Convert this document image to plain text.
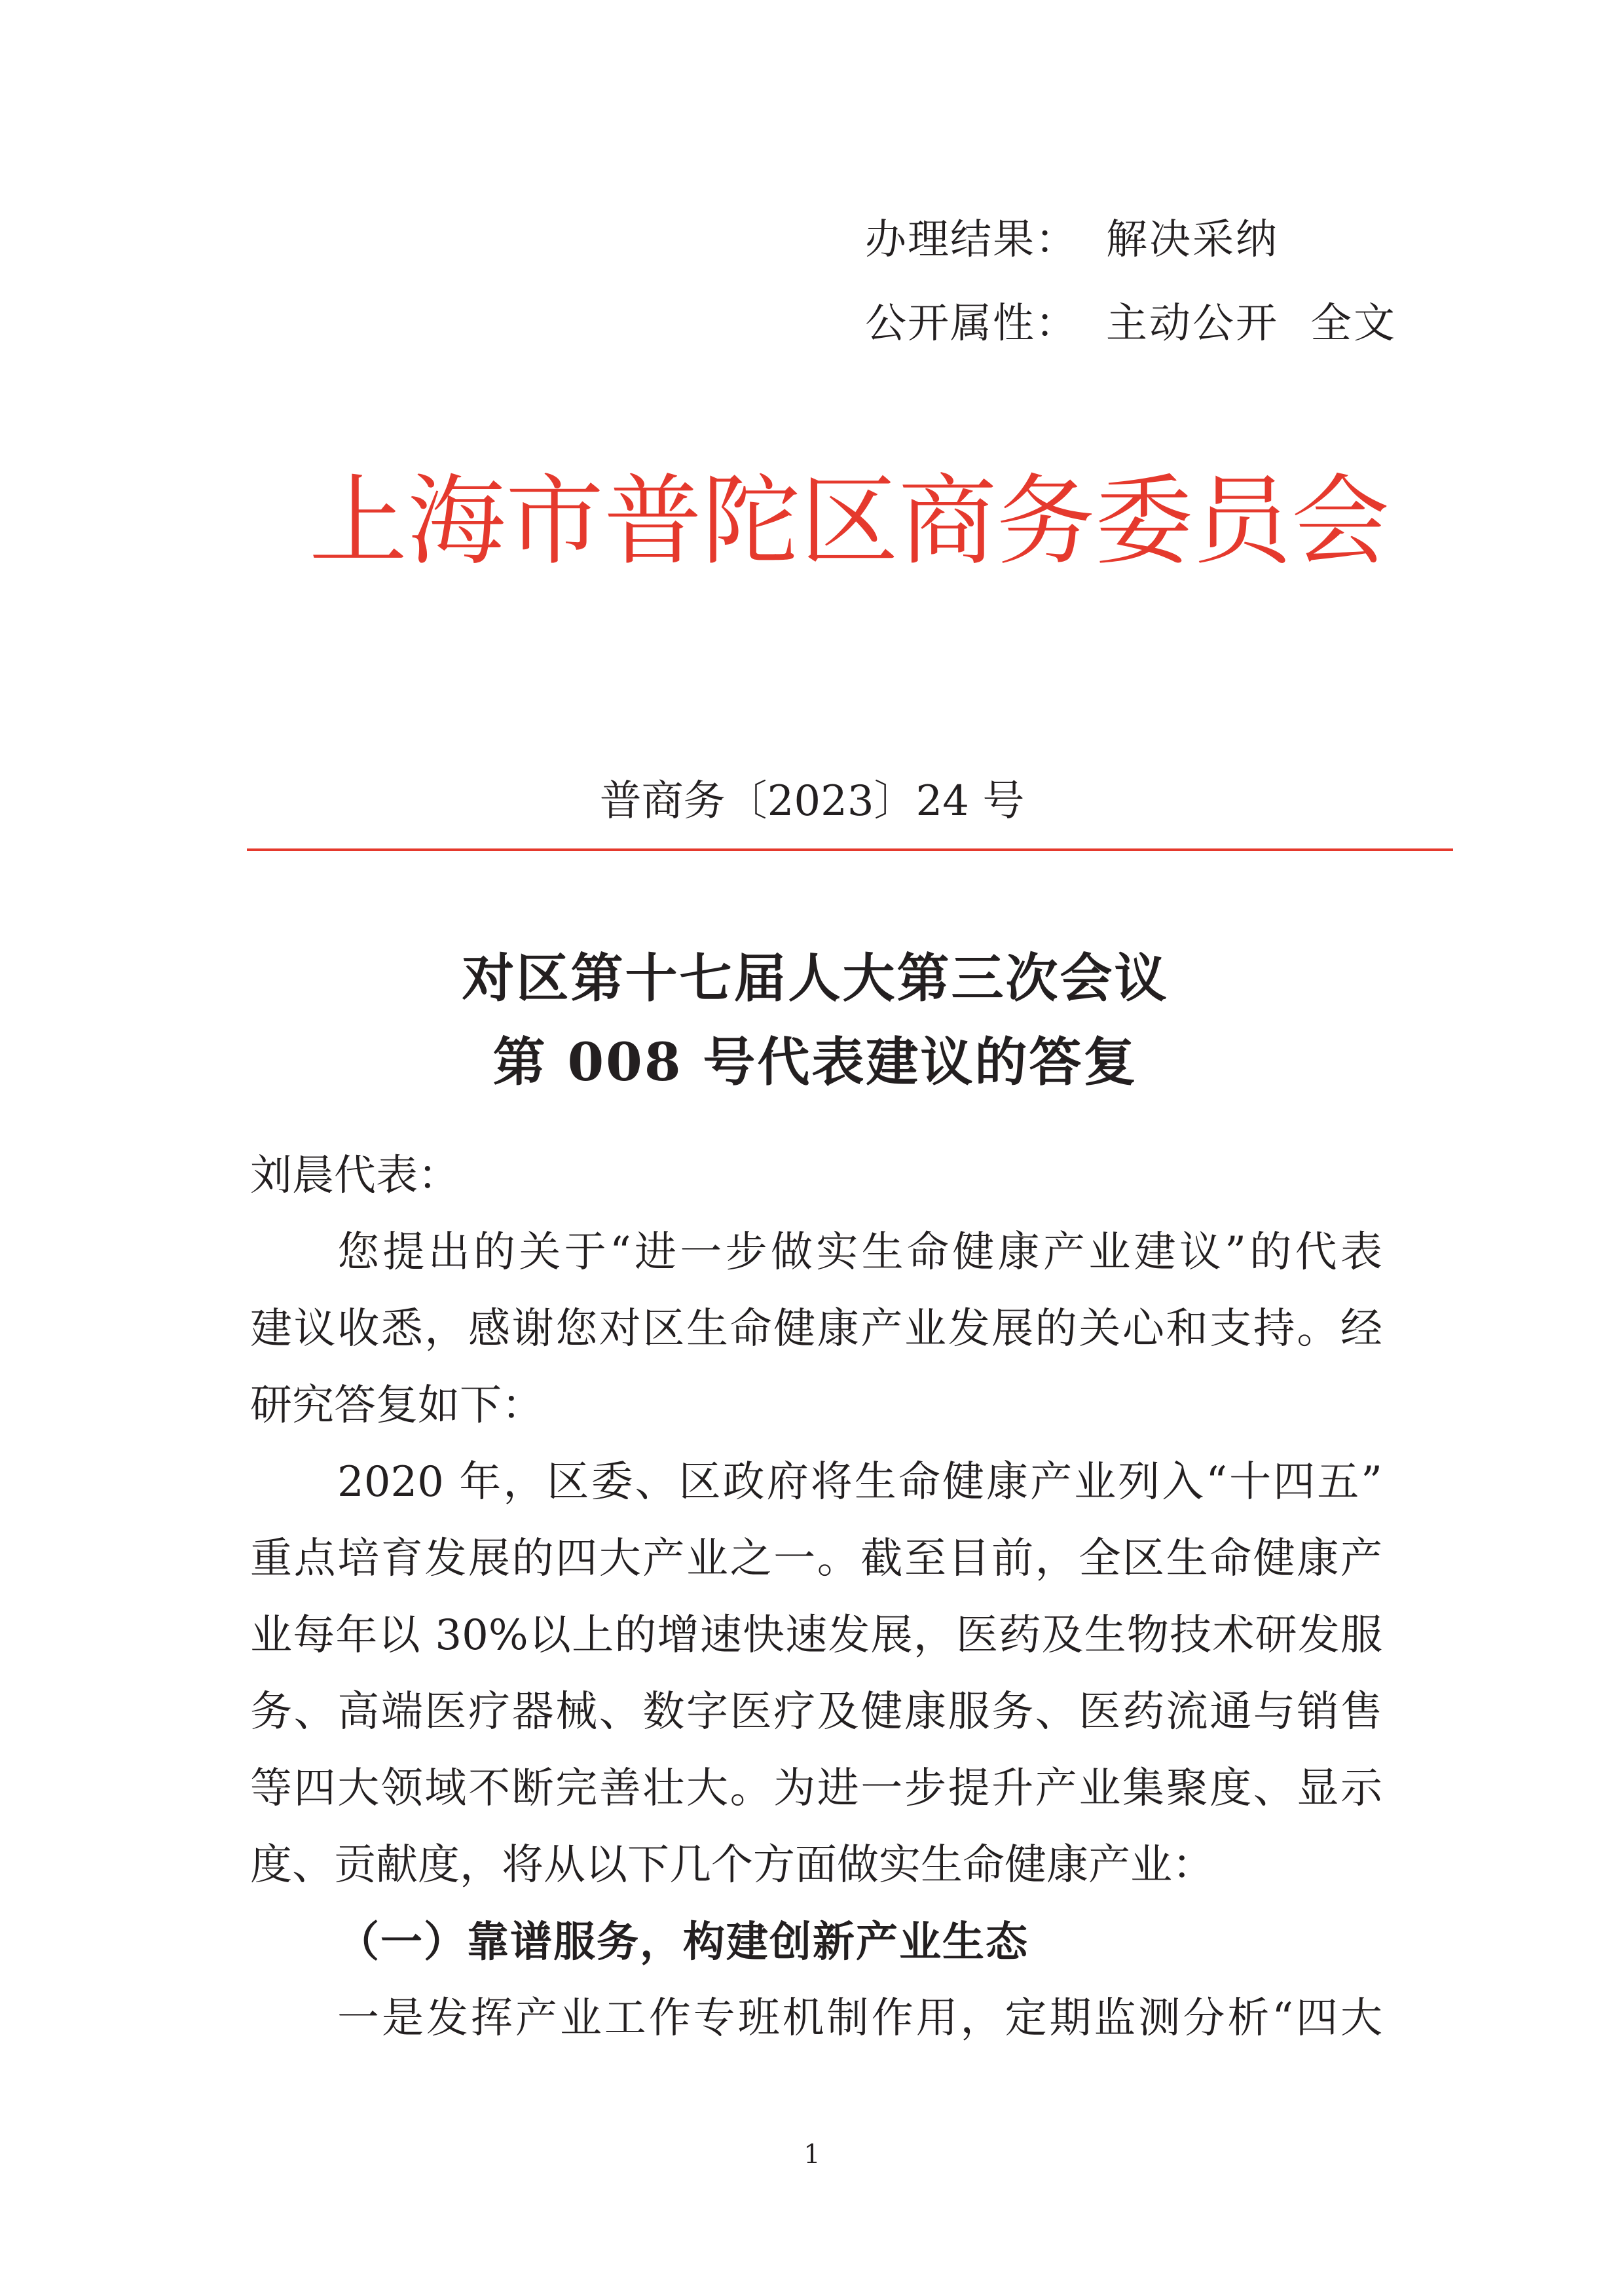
办理结果： 解决采纳
公开属性： 主动公开 全文
上海市普陀区商务委员会
普商务〔2023〕24 号
对区第十七届人大第三次会议
第 008 号代表建议的答复
刘晨代表：
您提出的关于“进一步做实生命健康产业建议”的代表
建议收悉，感谢您对区生命健康产业发展的关心和支持。经
研究答复如下：
2020 年，区委、区政府将生命健康产业列入“十四五”
重点培育发展的四大产业之一。截至目前，全区生命健康产
业每年以 30%以上的增速快速发展，医药及生物技术研发服
务、高端医疗器械、数字医疗及健康服务、医药流通与销售
等四大领域不断完善壮大。为进一步提升产业集聚度、显示
度、贡献度，将从以下几个方面做实生命健康产业：
（一）靠谱服务，构建创新产业生态
一是发挥产业工作专班机制作用，定期监测分析“四大
1
